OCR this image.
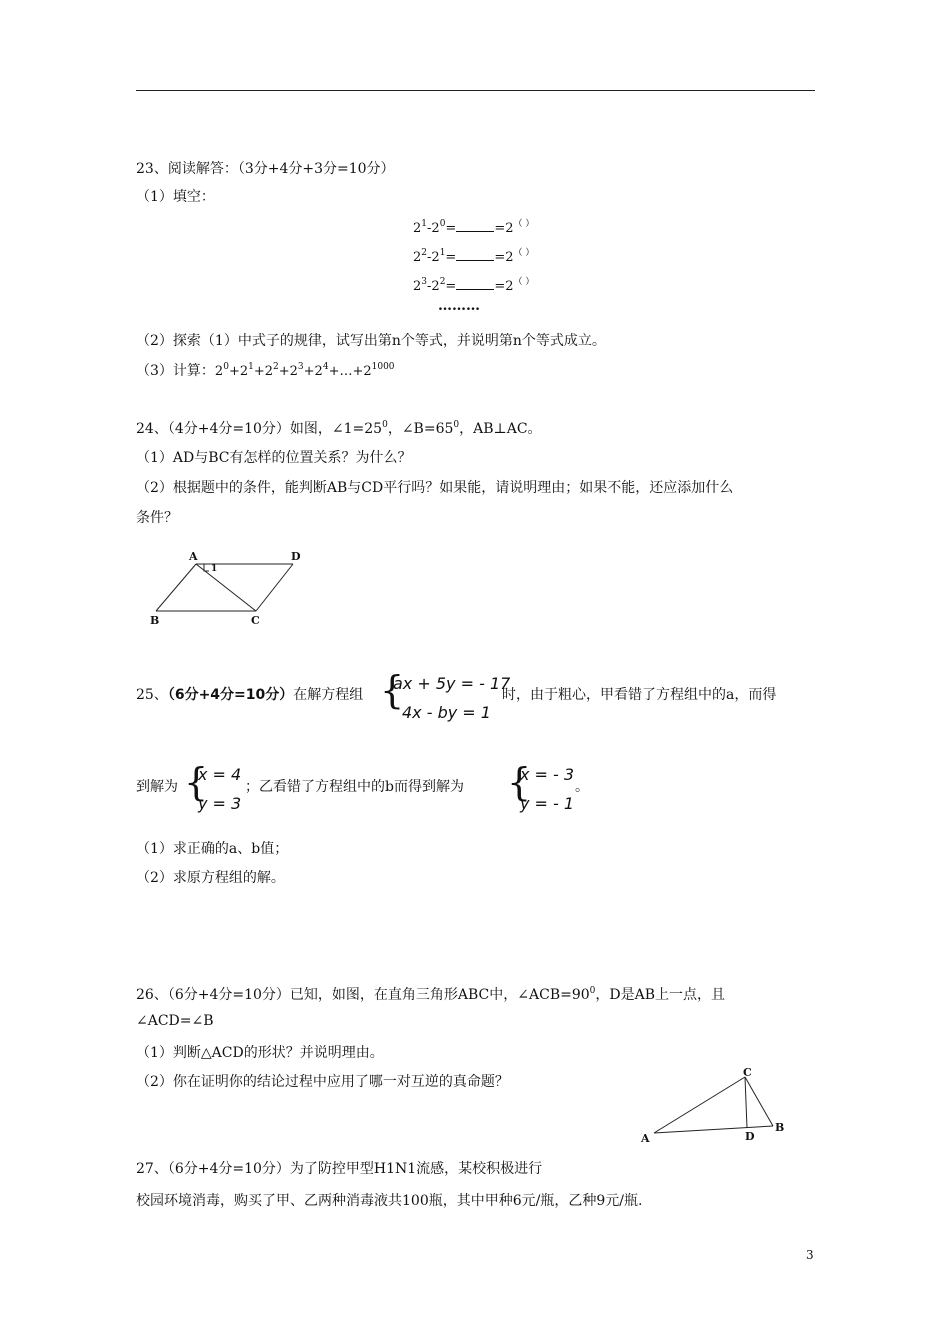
23、阅读解答：（3分+4分+3分=10分）
（1）填空：
$2^1-2^0=$	=2（ ）
$2^2-2^1=$	=2（ ）
$2^3-2^2=$	=2（ ）
………
（2）探索（1）中式子的规律，试写出第n个等式，并说明第n个等式成立。
（3）计算：$2^0+2^1+2^2+2^3+2^4+\dots+2^{1000}$
24、（4分+4分=10分）如图，$\angle 1=25^0$，$\angle B=65^0$，AB⊥AC。
（1）AD与BC有怎样的位置关系？为什么？
（2）根据题中的条件，能判断AB与CD平行吗？如果能，请说明理由；如果不能，还应添加什么
条件？
A	D
B	C
1
25、（6分+4分=10分）在解方程组 {
ax + 5y = - 17
4x - by = 1
时，由于粗心，甲看错了方程组中的a，而得
到解为 {
x = 4
y = 3
；乙看错了方程组中的b而得到解为 {
x = - 3
y = - 1
。
（1）求正确的a、b值；
（2）求原方程组的解。
26、（6分+4分=10分）已知，如图，在直角三角形ABC中，$\angle ACB=90^0$，D是AB上一点，且
∠ACD=∠B
（1）判断△ACD的形状？并说明理由。
（2）你在证明你的结论过程中应用了哪一对互逆的真命题？
C
A
B
D
27、（6分+4分=10分）为了防控甲型H1N1流感，某校积极进行
校园环境消毒，购买了甲、乙两种消毒液共100瓶，其中甲种6元/瓶，乙种9元/瓶.
3
